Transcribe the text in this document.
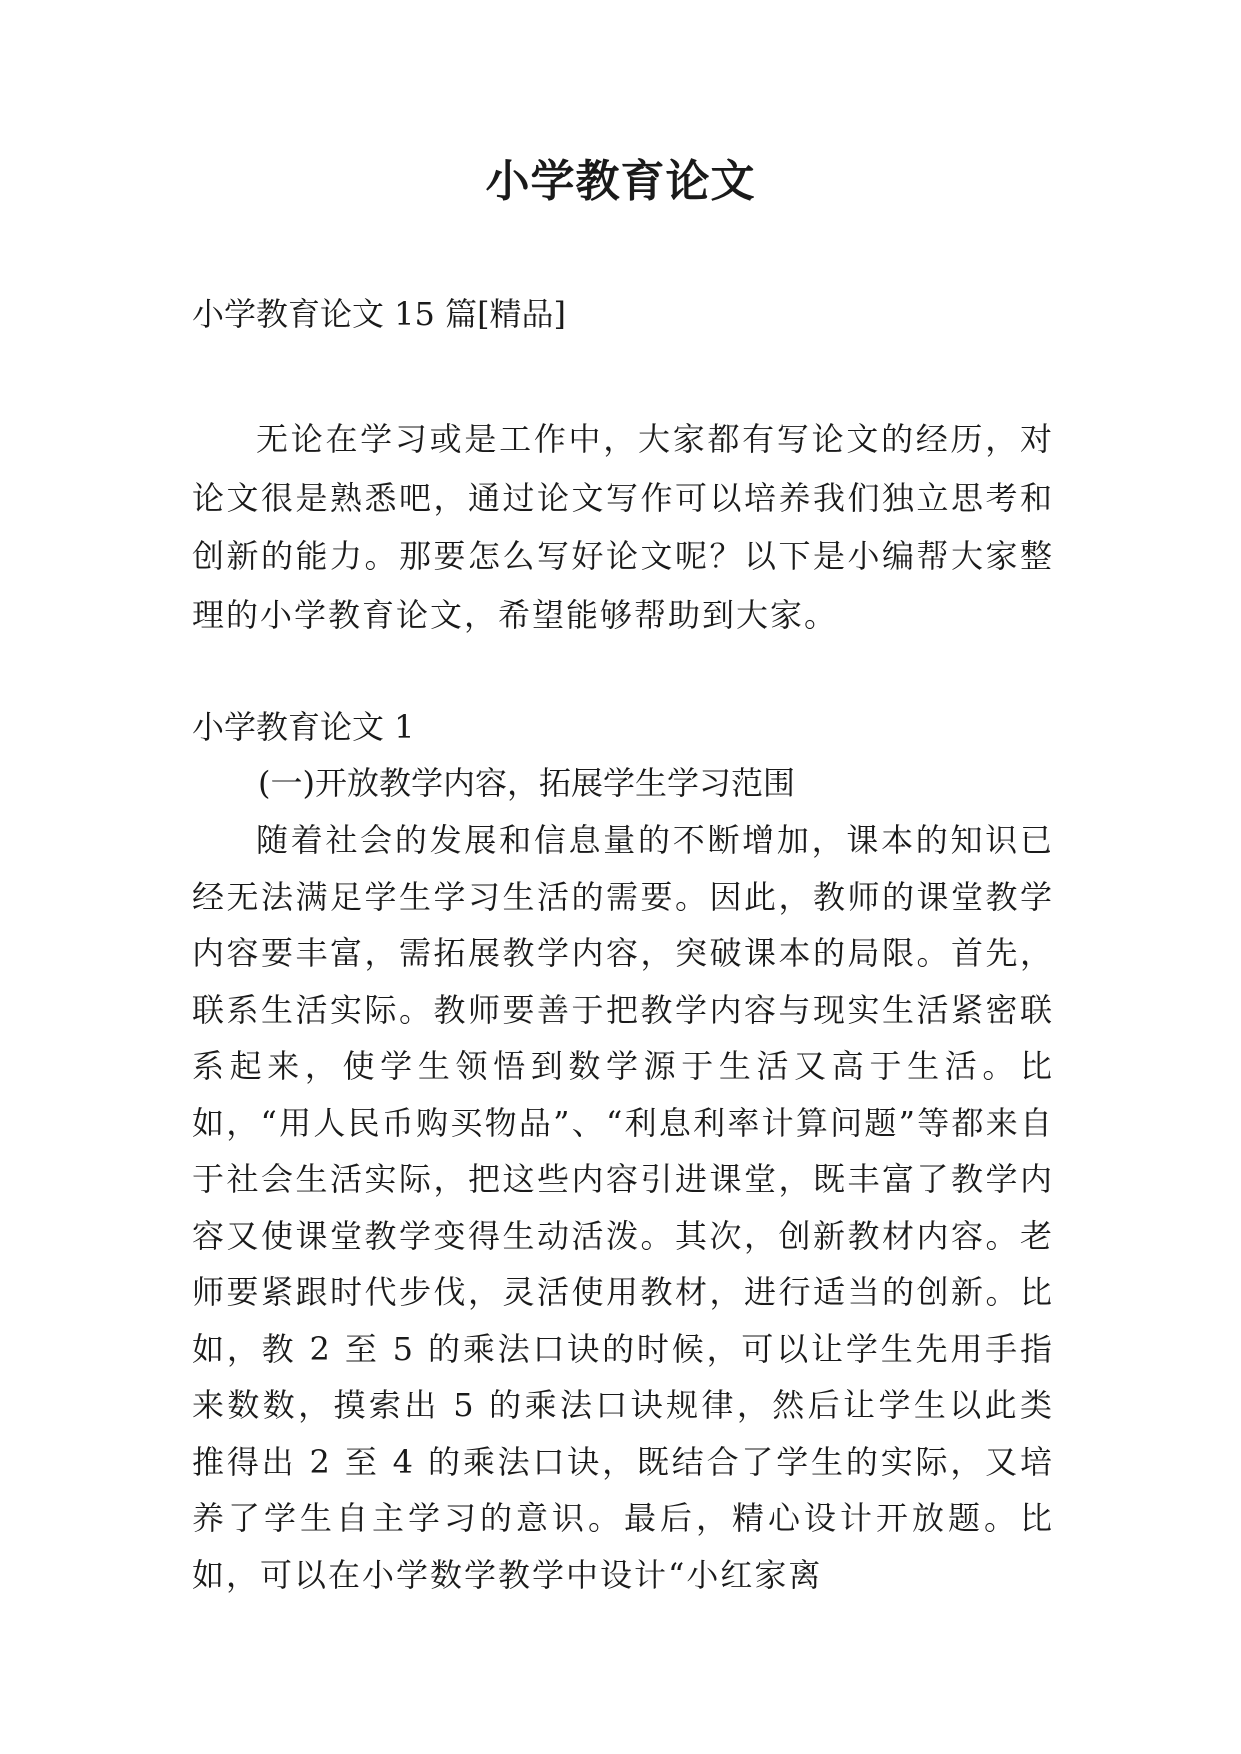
小学教育论文

小学教育论文 15 篇[精品]

无论在学习或是工作中，大家都有写论文的经历，对论文很是熟悉吧，通过论文写作可以培养我们独立思考和创新的能力。那要怎么写好论文呢？以下是小编帮大家整理的小学教育论文，希望能够帮助到大家。

小学教育论文 1

(一)开放教学内容，拓展学生学习范围

随着社会的发展和信息量的不断增加，课本的知识已经无法满足学生学习生活的需要。因此，教师的课堂教学内容要丰富，需拓展教学内容，突破课本的局限。首先，联系生活实际。教师要善于把教学内容与现实生活紧密联系起来，使学生领悟到数学源于生活又高于生活。比如，“用人民币购买物品”、“利息利率计算问题”等都来自于社会生活实际，把这些内容引进课堂，既丰富了教学内容又使课堂教学变得生动活泼。其次，创新教材内容。老师要紧跟时代步伐，灵活使用教材，进行适当的创新。比如，教 2 至 5 的乘法口诀的时候，可以让学生先用手指来数数，摸索出 5 的乘法口诀规律，然后让学生以此类推得出 2 至 4 的乘法口诀，既结合了学生的实际，又培养了学生自主学习的意识。最后，精心设计开放题。比如，可以在小学数学教学中设计“小红家离
